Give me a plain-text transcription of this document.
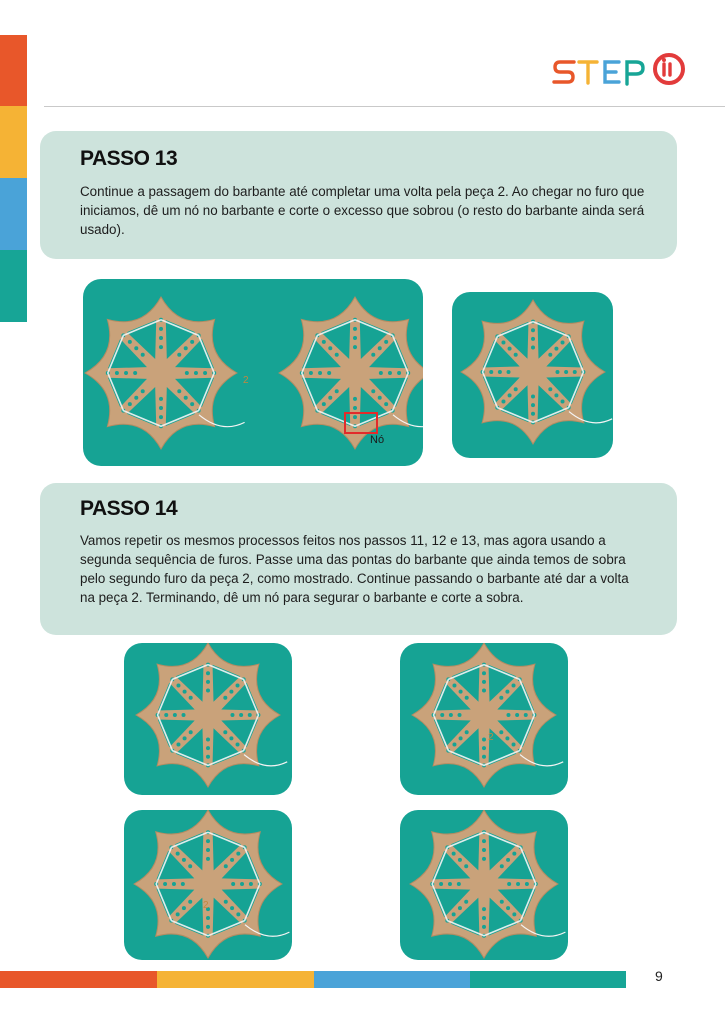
PASSO 13
Continue a passagem do barbante até completar uma volta pela peça 2. Ao chegar no furo que iniciamos, dê um nó no barbante e corte o excesso que sobrou (o resto do barbante ainda será usado).
2
Nó
PASSO 14
Vamos repetir os mesmos processos feitos nos passos 11, 12 e 13, mas agora usando a segunda sequência de furos. Passe uma das pontas do barbante que ainda temos de sobra pelo segundo furo da peça 2, como mostrado. Continue passando o barbante até dar a volta na peça 2. Terminando, dê um nó para segurar o barbante e corte a sobra.
2
2
9
